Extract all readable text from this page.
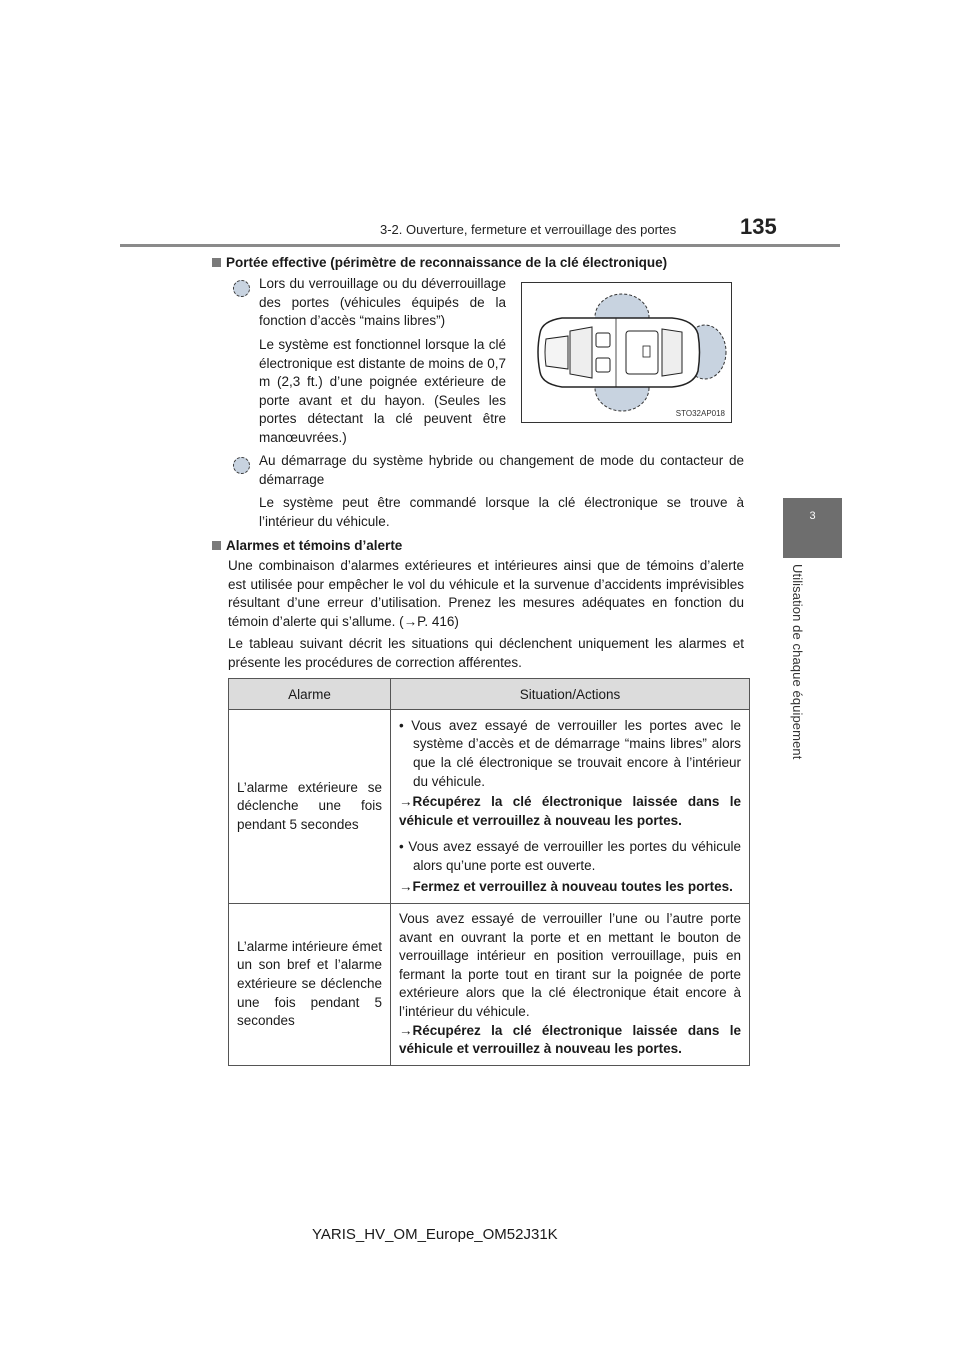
3-2. Ouverture, fermeture et verrouillage des portes	135
3
Utilisation de chaque équipement
Portée effective (périmètre de reconnaissance de la clé électronique)

Lors du verrouillage ou du déverrouillage des portes (véhicules équipés de la fonction d’accès “mains libres”)

Le système est fonctionnel lorsque la clé électronique est distante de moins de 0,7 m (2,3 ft.) d’une poignée extérieure de porte avant et du hayon. (Seules les portes détectant la clé peuvent être manœuvrées.)

STO32AP018

Au démarrage du système hybride ou changement de mode du contacteur de démarrage

Le système peut être commandé lorsque la clé électronique se trouve à l’intérieur du véhicule.

Alarmes et témoins d’alerte

Une combinaison d’alarmes extérieures et intérieures ainsi que de témoins d’alerte est utilisée pour empêcher le vol du véhicule et la survenue d’accidents imprévisibles résultant d’une erreur d’utilisation. Prenez les mesures adéquates en fonction du témoin d’alerte qui s’allume. (→P. 416)

Le tableau suivant décrit les situations qui déclenchent uniquement les alarmes et présente les procédures de correction afférentes.

Alarme	Situation/Actions
L’alarme extérieure se déclenche une fois pendant 5 secondes	• Vous avez essayé de verrouiller les portes avec le système d’accès et de démarrage “mains libres” alors que la clé électronique se trouvait encore à l’intérieur du véhicule.

→Récupérez la clé électronique laissée dans le véhicule et verrouillez à nouveau les portes.

• Vous avez essayé de verrouiller les portes du véhicule alors qu’une porte est ouverte.

→Fermez et verrouillez à nouveau toutes les portes.

L’alarme intérieure émet un son bref et l’alarme extérieure se déclenche une fois pendant 5 secondes	Vous avez essayé de verrouiller l’une ou l’autre porte avant en ouvrant la porte et en mettant le bouton de verrouillage intérieur en position verrouillage, puis en fermant la porte tout en tirant sur la poignée de porte extérieure alors que la clé électronique était encore à l’intérieur du véhicule.

→Récupérez la clé électronique laissée dans le véhicule et verrouillez à nouveau les portes.

YARIS_HV_OM_Europe_OM52J31K
